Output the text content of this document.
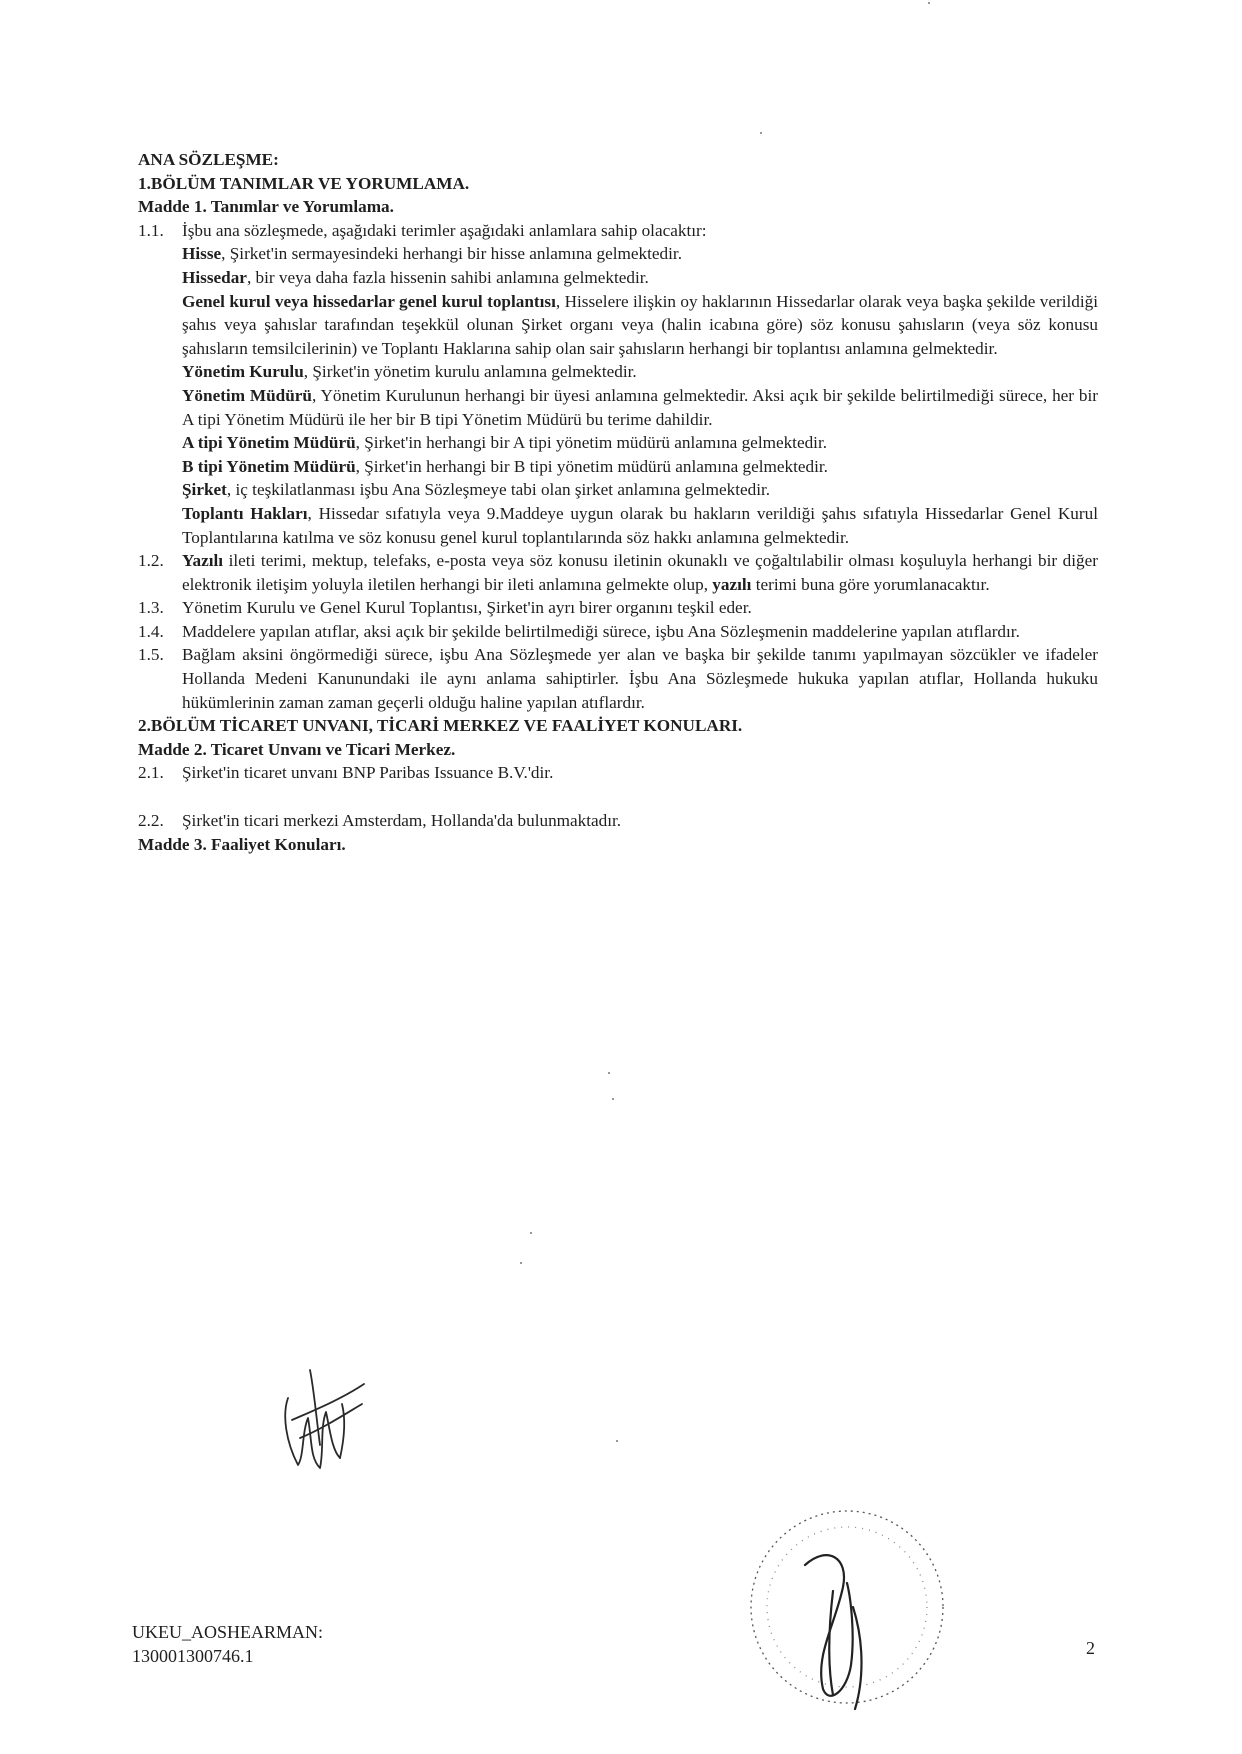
ANA SÖZLEŞME:

1.BÖLÜM TANIMLAR VE YORUMLAMA.

Madde 1. Tanımlar ve Yorumlama.

1.1.	İşbu ana sözleşmede, aşağıdaki terimler aşağıdaki anlamlara sahip olacaktır:

Hisse, Şirket'in sermayesindeki herhangi bir hisse anlamına gelmektedir.

Hissedar, bir veya daha fazla hissenin sahibi anlamına gelmektedir.

Genel kurul veya hissedarlar genel kurul toplantısı, Hisselere ilişkin oy haklarının Hissedarlar olarak veya başka şekilde verildiği şahıs veya şahıslar tarafından teşekkül olunan Şirket organı veya (halin icabına göre) söz konusu şahısların (veya söz konusu şahısların temsilcilerinin) ve Toplantı Haklarına sahip olan sair şahısların herhangi bir toplantısı anlamına gelmektedir.

Yönetim Kurulu, Şirket'in yönetim kurulu anlamına gelmektedir.

Yönetim Müdürü, Yönetim Kurulunun herhangi bir üyesi anlamına gelmektedir. Aksi açık bir şekilde belirtilmediği sürece, her bir A tipi Yönetim Müdürü ile her bir B tipi Yönetim Müdürü bu terime dahildir.

A tipi Yönetim Müdürü, Şirket'in herhangi bir A tipi yönetim müdürü anlamına gelmektedir.

B tipi Yönetim Müdürü, Şirket'in herhangi bir B tipi yönetim müdürü anlamına gelmektedir.

Şirket, iç teşkilatlanması işbu Ana Sözleşmeye tabi olan şirket anlamına gelmektedir.

Toplantı Hakları, Hissedar sıfatıyla veya 9.Maddeye uygun olarak bu hakların verildiği şahıs sıfatıyla Hissedarlar Genel Kurul Toplantılarına katılma ve söz konusu genel kurul toplantılarında söz hakkı anlamına gelmektedir.

1.2.	Yazılı ileti terimi, mektup, telefaks, e-posta veya söz konusu iletinin okunaklı ve çoğaltılabilir olması koşuluyla herhangi bir diğer elektronik iletişim yoluyla iletilen herhangi bir ileti anlamına gelmekte olup, yazılı terimi buna göre yorumlanacaktır.
1.3.	Yönetim Kurulu ve Genel Kurul Toplantısı, Şirket'in ayrı birer organını teşkil eder.
1.4.	Maddelere yapılan atıflar, aksi açık bir şekilde belirtilmediği sürece, işbu Ana Sözleşmenin maddelerine yapılan atıflardır.
1.5.	Bağlam aksini öngörmediği sürece, işbu Ana Sözleşmede yer alan ve başka bir şekilde tanımı yapılmayan sözcükler ve ifadeler Hollanda Medeni Kanunundaki ile aynı anlama sahiptirler. İşbu Ana Sözleşmede hukuka yapılan atıflar, Hollanda hukuku hükümlerinin zaman zaman geçerli olduğu haline yapılan atıflardır.

2.BÖLÜM TİCARET UNVANI, TİCARİ MERKEZ VE FAALİYET KONULARI.

Madde 2. Ticaret Unvanı ve Ticari Merkez.

2.1.	Şirket'in ticaret unvanı BNP Paribas Issuance B.V.'dir.
2.2.	Şirket'in ticari merkezi Amsterdam, Hollanda'da bulunmaktadır.

Madde 3. Faaliyet Konuları.

UKEU_AOSHEARMAN:
130001300746.1	2
